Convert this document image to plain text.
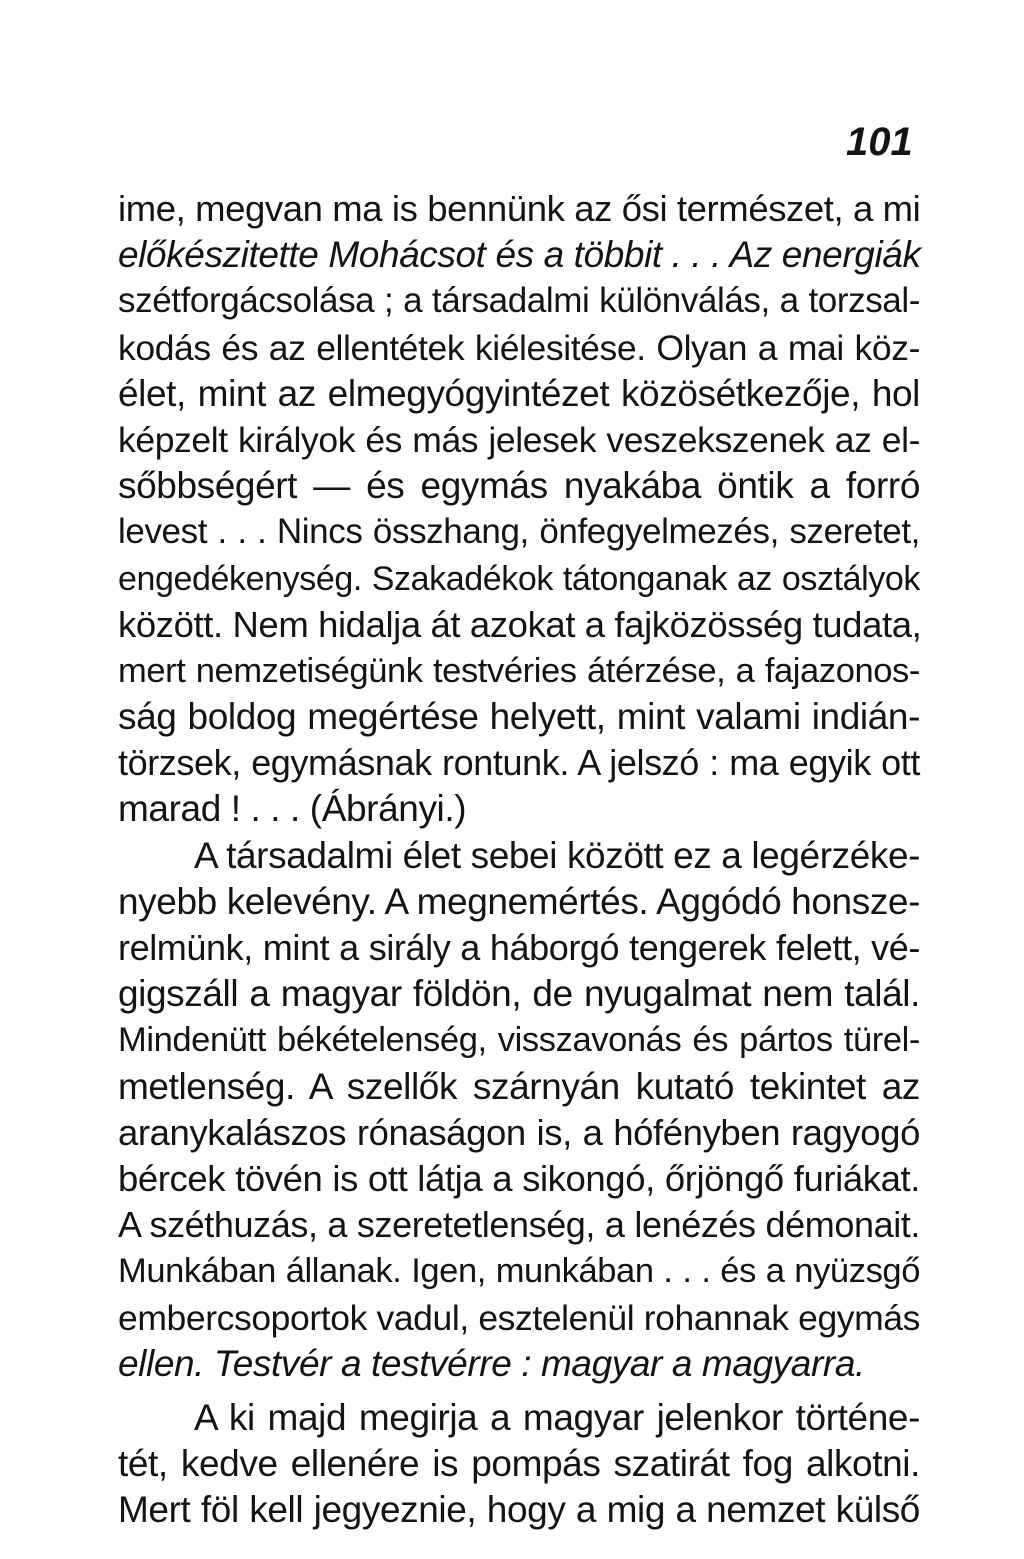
101
ime, megvan ma is bennünk az ősi természet, a mi
előkészitette Mohácsot és a többit . . . Az energiák
szétforgácsolása ; a társadalmi különválás, a torzsal-
kodás és az ellentétek kiélesitése. Olyan a mai köz-
élet, mint az elmegyógyintézet közösétkezője, hol
képzelt királyok és más jelesek veszekszenek az el-
sőbbségért — és egymás nyakába öntik a forró
levest . . . Nincs összhang, önfegyelmezés, szeretet,
engedékenység. Szakadékok tátonganak az osztályok
között. Nem hidalja át azokat a fajközösség tudata,
mert nemzetiségünk testvéries átérzése, a fajazonos-
ság boldog megértése helyett, mint valami indián-
törzsek, egymásnak rontunk. A jelszó : ma egyik ott
marad ! . . . (Ábrányi.)
A társadalmi élet sebei között ez a legérzéke-
nyebb kelevény. A megnemértés. Aggódó honsze-
relmünk, mint a sirály a háborgó tengerek felett, vé-
gigszáll a magyar földön, de nyugalmat nem talál.
Mindenütt békételenség, visszavonás és pártos türel-
metlenség. A szellők szárnyán kutató tekintet az
aranykalászos rónaságon is, a hófényben ragyogó
bércek tövén is ott látja a sikongó, őrjöngő furiákat.
A széthuzás, a szeretetlenség, a lenézés démonait.
Munkában állanak. Igen, munkában . . . és a nyüzsgő
embercsoportok vadul, esztelenül rohannak egymás
ellen. Testvér a testvérre : magyar a magyarra.
A ki majd megirja a magyar jelenkor történe-
tét, kedve ellenére is pompás szatirát fog alkotni.
Mert föl kell jegyeznie, hogy a mig a nemzet külső
